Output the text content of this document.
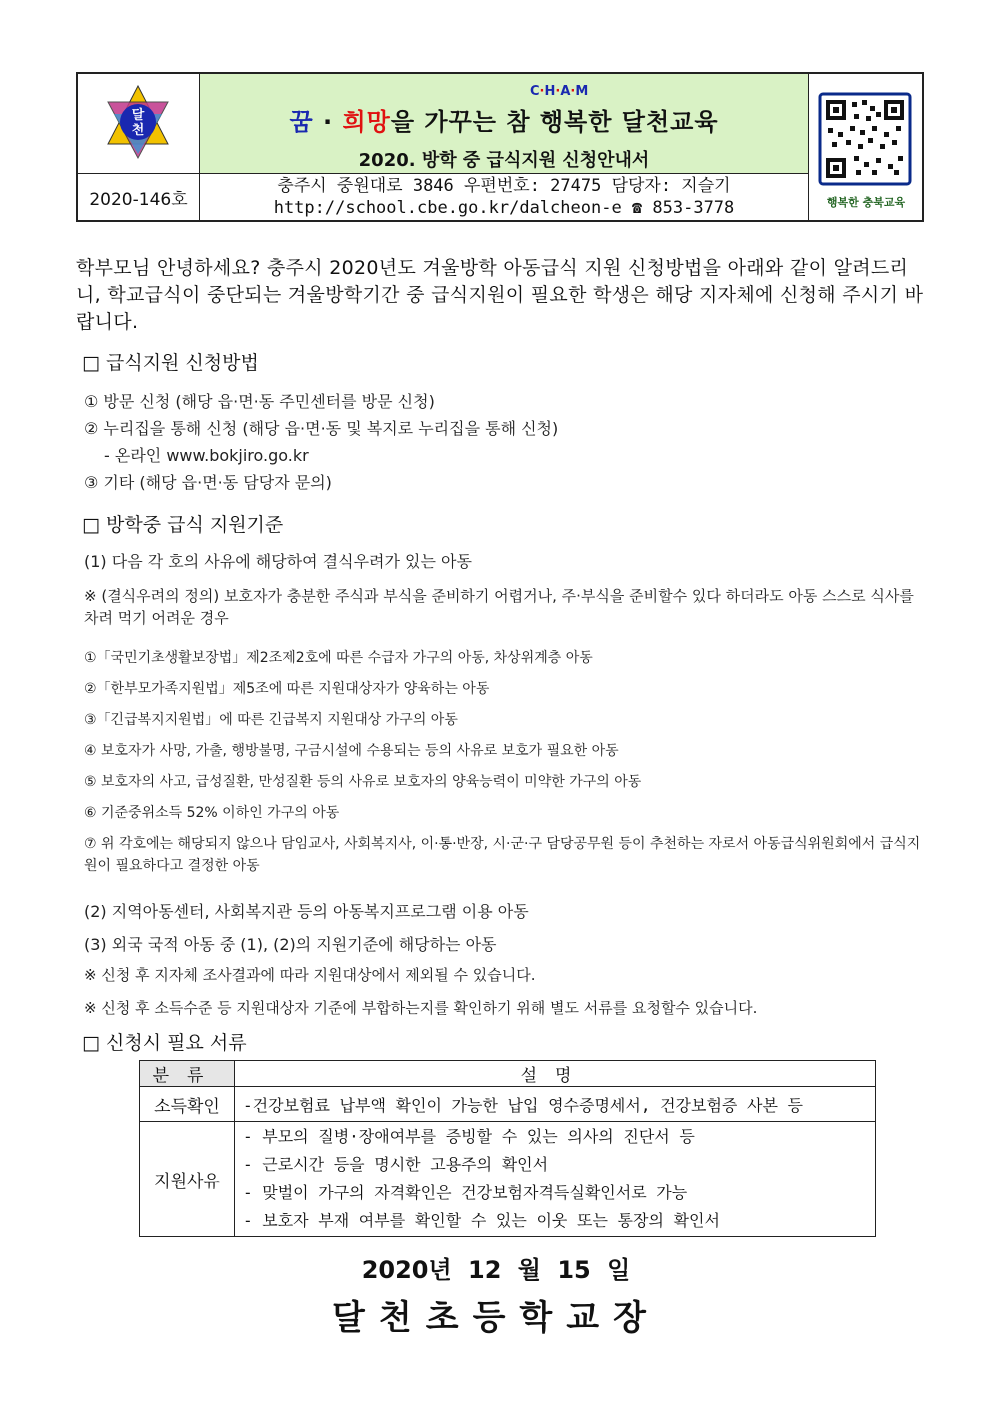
달
천
2020-146호
C·H·A·M
꿈 · 희망을 가꾸는 참 행복한 달천교육
2020. 방학 중 급식지원 신청안내서
충주시 중원대로 3846 우편번호: 27475 담당자: 지슬기
http://school.cbe.go.kr/dalcheon-e ☎ 853-3778	행복한 충북교육
학부모님 안녕하세요? 충주시 2020년도 겨울방학 아동급식 지원 신청방법을 아래와 같이 알려드리니, 학교급식이 중단되는 겨울방학기간 중 급식지원이 필요한 학생은 해당 지자체에 신청해 주시기 바랍니다.
□ 급식지원 신청방법
① 방문 신청 (해당 읍·면·동 주민센터를 방문 신청)
② 누리집을 통해 신청 (해당 읍·면·동 및 복지로 누리집을 통해 신청)
- 온라인 www.bokjiro.go.kr
③ 기타 (해당 읍·면·동 담당자 문의)
□ 방학중 급식 지원기준
(1) 다음 각 호의 사유에 해당하여 결식우려가 있는 아동
※ (결식우려의 정의) 보호자가 충분한 주식과 부식을 준비하기 어렵거나, 주·부식을 준비할수 있다 하더라도 아동 스스로 식사를 차려 먹기 어려운 경우
①「국민기초생활보장법」제2조제2호에 따른 수급자 가구의 아동, 차상위계층 아동
②「한부모가족지원법」제5조에 따른 지원대상자가 양육하는 아동
③「긴급복지지원법」에 따른 긴급복지 지원대상 가구의 아동
④ 보호자가 사망, 가출, 행방불명, 구금시설에 수용되는 등의 사유로 보호가 필요한 아동
⑤ 보호자의 사고, 급성질환, 만성질환 등의 사유로 보호자의 양육능력이 미약한 가구의 아동
⑥ 기준중위소득 52% 이하인 가구의 아동
⑦ 위 각호에는 해당되지 않으나 담임교사, 사회복지사, 이·통·반장, 시·군·구 담당공무원 등이 추천하는 자로서 아동급식위원회에서 급식지원이 필요하다고 결정한 아동
(2) 지역아동센터, 사회복지관 등의 아동복지프로그램 이용 아동
(3) 외국 국적 아동 중 (1), (2)의 지원기준에 해당하는 아동
※ 신청 후 지자체 조사결과에 따라 지원대상에서 제외될 수 있습니다.
※ 신청 후 소득수준 등 지원대상자 기준에 부합하는지를 확인하기 위해 별도 서류를 요청할수 있습니다.
□ 신청시 필요 서류
분류	설명
소득확인	-건강보험료 납부액 확인이 가능한 납입 영수증명세서, 건강보험증 사본 등
지원사유	- 부모의 질병·장애여부를 증빙할 수 있는 의사의 진단서 등
- 근로시간 등을 명시한 고용주의 확인서
- 맞벌이 가구의 자격확인은 건강보험자격득실확인서로 가능
- 보호자 부재 여부를 확인할 수 있는 이웃 또는 통장의 확인서
2020년 12 월 15 일
달천초등학교장
